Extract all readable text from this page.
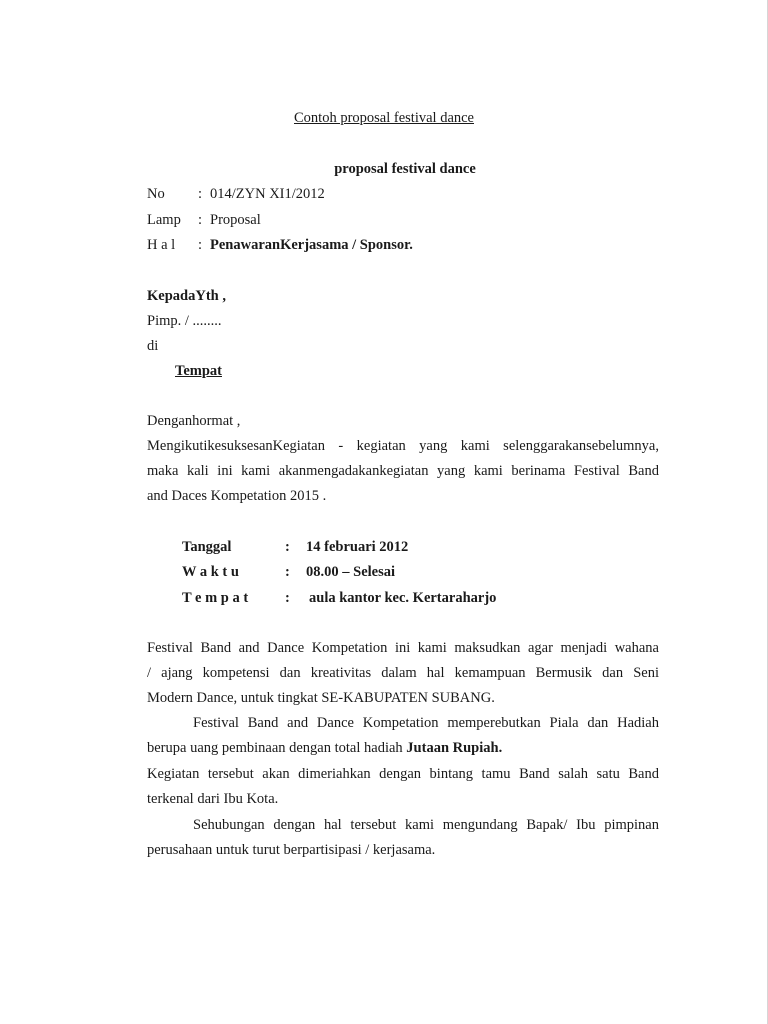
Contoh proposal festival dance
proposal festival dance
No : 014/ZYN XI1/2012
Lamp : Proposal
H a l : PenawaranKerjasama / Sponsor.
KepadaYth ,
Pimp. / ........
di
Tempat
Denganhormat ,
MengikutikesuksesanKegiatan - kegiatan yang kami selenggarakansebelumnya,
maka kali ini kami akanmengadakankegiatan yang kami berinama Festival Band
and Daces Kompetation 2015 .
Tanggal	: 14 februari 2012
W a k t u	: 08.00 – Selesai
T e m p a t	: aula kantor kec. Kertaraharjo
Festival Band and Dance Kompetation ini kami maksudkan agar menjadi wahana
/ ajang kompetensi dan kreativitas dalam hal kemampuan Bermusik dan Seni
Modern Dance, untuk tingkat SE-KABUPATEN SUBANG.
Festival Band and Dance Kompetation memperebutkan Piala dan Hadiah
berupa uang pembinaan dengan total hadiah Jutaan Rupiah.
Kegiatan tersebut akan dimeriahkan dengan bintang tamu Band salah satu Band
terkenal dari Ibu Kota.
Sehubungan dengan hal tersebut kami mengundang Bapak/ Ibu pimpinan
perusahaan untuk turut berpartisipasi / kerjasama.
